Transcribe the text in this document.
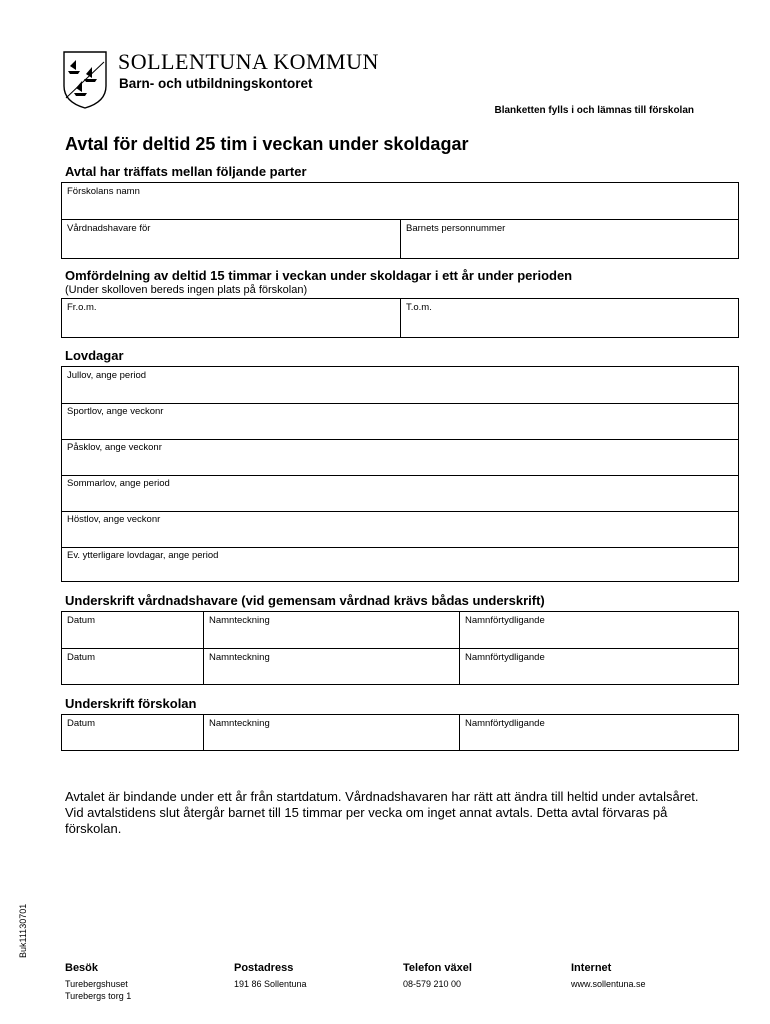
SOLLENTUNA KOMMUN
Barn- och utbildningskontoret
Blanketten fylls i och lämnas till förskolan
Avtal för deltid 25 tim i veckan under skoldagar
Avtal har träffats mellan följande parter
Förskolans namn
Vårdnadshavare för	Barnets personnummer
Omfördelning av deltid 15 timmar i veckan under skoldagar i ett år under perioden
(Under skolloven bereds ingen plats på förskolan)
Fr.o.m.	T.o.m.
Lovdagar
Jullov, ange period
Sportlov, ange veckonr
Påsklov, ange veckonr
Sommarlov, ange period
Höstlov, ange veckonr
Ev. ytterligare lovdagar, ange period
Underskrift vårdnadshavare (vid gemensam vårdnad krävs bådas underskrift)
Datum	Namnteckning	Namnförtydligande
Datum	Namnteckning	Namnförtydligande
Underskrift förskolan
Datum	Namnteckning	Namnförtydligande
Avtalet är bindande under ett år från startdatum. Vårdnadshavaren har rätt att ändra till heltid under avtalsåret. Vid avtalstidens slut återgår barnet till 15 timmar per vecka om inget annat avtals. Detta avtal förvaras på förskolan.
Buk11130701
Besök
Turebergshuset
Turebergs torg 1
Postadress
191 86 Sollentuna
Telefon växel
08-579 210 00
Internet
www.sollentuna.se
